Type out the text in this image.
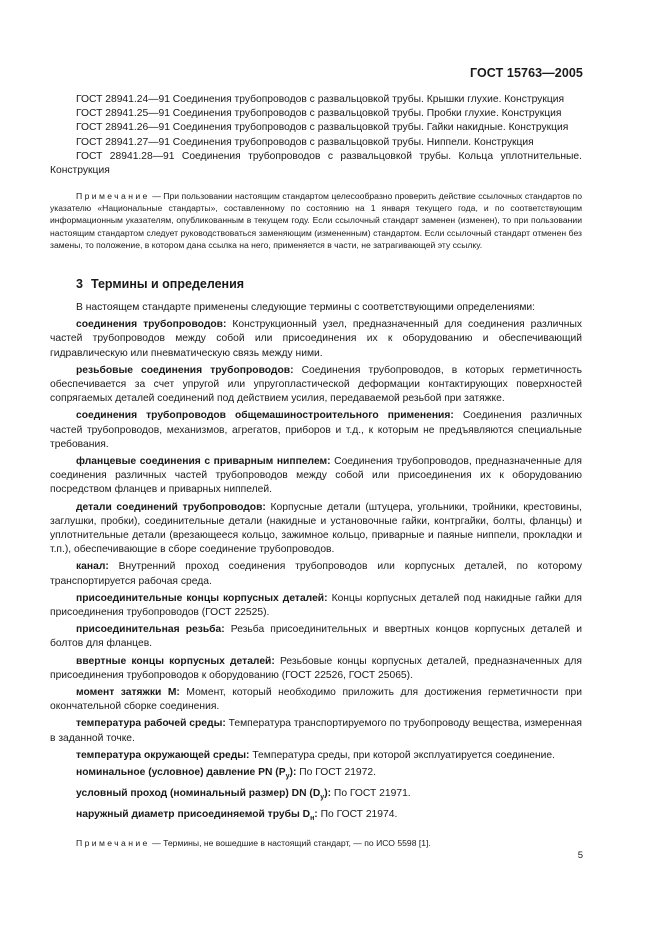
ГОСТ 15763—2005
ГОСТ 28941.24—91 Соединения трубопроводов с развальцовкой трубы. Крышки глухие. Конструкция
ГОСТ 28941.25—91 Соединения трубопроводов с развальцовкой трубы. Пробки глухие. Конструкция
ГОСТ 28941.26—91 Соединения трубопроводов с развальцовкой трубы. Гайки накидные. Конструкция
ГОСТ 28941.27—91 Соединения трубопроводов с развальцовкой трубы. Ниппели. Конструкция
ГОСТ 28941.28—91 Соединения трубопроводов с развальцовкой трубы. Кольца уплотнительные. Конструкция
Примечание — При пользовании настоящим стандартом целесообразно проверить действие ссылочных стандартов по указателю «Национальные стандарты», составленному по состоянию на 1 января текущего года, и по соответствующим информационным указателям, опубликованным в текущем году. Если ссылочный стандарт заменен (изменен), то при пользовании настоящим стандартом следует руководствоваться заменяющим (измененным) стандартом. Если ссылочный стандарт отменен без замены, то положение, в котором дана ссылка на него, применяется в части, не затрагивающей эту ссылку.
3 Термины и определения
В настоящем стандарте применены следующие термины с соответствующими определениями:
соединения трубопроводов: Конструкционный узел, предназначенный для соединения различных частей трубопроводов между собой или присоединения их к оборудованию и обеспечивающий гидравлическую или пневматическую связь между ними.
резьбовые соединения трубопроводов: Соединения трубопроводов, в которых герметичность обеспечивается за счет упругой или упругопластической деформации контактирующих поверхностей сопрягаемых деталей соединений под действием усилия, передаваемой резьбой при затяжке.
соединения трубопроводов общемашиностроительного применения: Соединения различных частей трубопроводов, механизмов, агрегатов, приборов и т.д., к которым не предъявляются специальные требования.
фланцевые соединения с приварным ниппелем: Соединения трубопроводов, предназначенные для соединения различных частей трубопроводов между собой или присоединения их к оборудованию посредством фланцев и приварных ниппелей.
детали соединений трубопроводов: Корпусные детали (штуцера, угольники, тройники, крестовины, заглушки, пробки), соединительные детали (накидные и установочные гайки, контргайки, болты, фланцы) и уплотнительные детали (врезающееся кольцо, зажимное кольцо, приварные и паяные ниппели, прокладки и т.п.), обеспечивающие в сборе соединение трубопроводов.
канал: Внутренний проход соединения трубопроводов или корпусных деталей, по которому транспортируется рабочая среда.
присоединительные концы корпусных деталей: Концы корпусных деталей под накидные гайки для присоединения трубопроводов (ГОСТ 22525).
присоединительная резьба: Резьба присоединительных и ввертных концов корпусных деталей и болтов для фланцев.
ввертные концы корпусных деталей: Резьбовые концы корпусных деталей, предназначенных для присоединения трубопроводов к оборудованию (ГОСТ 22526, ГОСТ 25065).
момент затяжки M: Момент, который необходимо приложить для достижения герметичности при окончательной сборке соединения.
температура рабочей среды: Температура транспортируемого по трубопроводу вещества, измеренная в заданной точке.
температура окружающей среды: Температура среды, при которой эксплуатируется соединение.
номинальное (условное) давление PN $(P_у)$: По ГОСТ 21972.
условный проход (номинальный размер) DN $(D_у)$: По ГОСТ 21971.
наружный диаметр присоединяемой трубы $D_н$: По ГОСТ 21974.
Примечание — Термины, не вошедшие в настоящий стандарт, — по ИСО 5598 [1].
5
